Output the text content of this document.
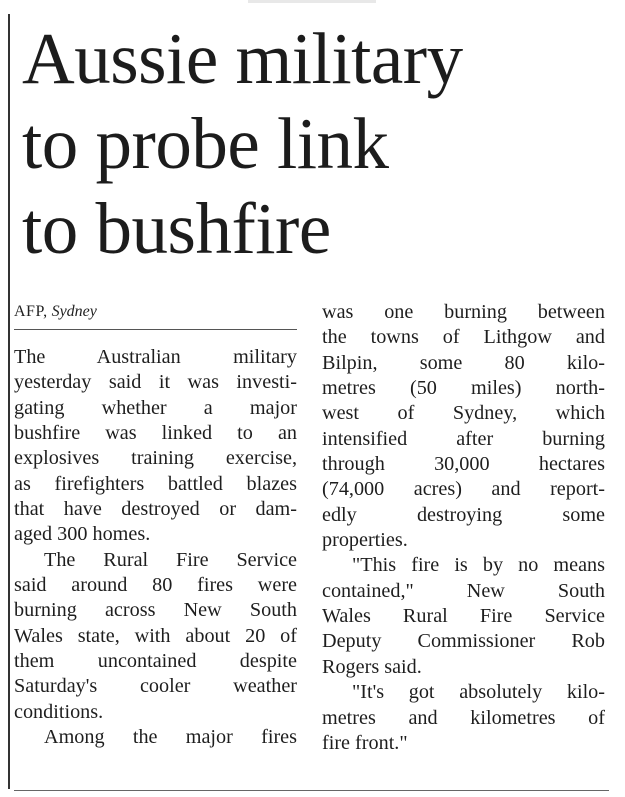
Aussie military
to probe link
to bushfire

AFP, Sydney

The Australian military
yesterday said it was investi-
gating whether a major
bushfire was linked to an
explosives training exercise,
as firefighters battled blazes
that have destroyed or dam-
aged 300 homes.
The Rural Fire Service
said around 80 fires were
burning across New South
Wales state, with about 20 of
them uncontained despite
Saturday's cooler weather
conditions.
Among the major fires
was one burning between
the towns of Lithgow and
Bilpin, some 80 kilo-
metres (50 miles) north-
west of Sydney, which
intensified after burning
through 30,000 hectares
(74,000 acres) and report-
edly destroying some
properties.
"This fire is by no means
contained," New South
Wales Rural Fire Service
Deputy Commissioner Rob
Rogers said.
"It's got absolutely kilo-
metres and kilometres of
fire front."
